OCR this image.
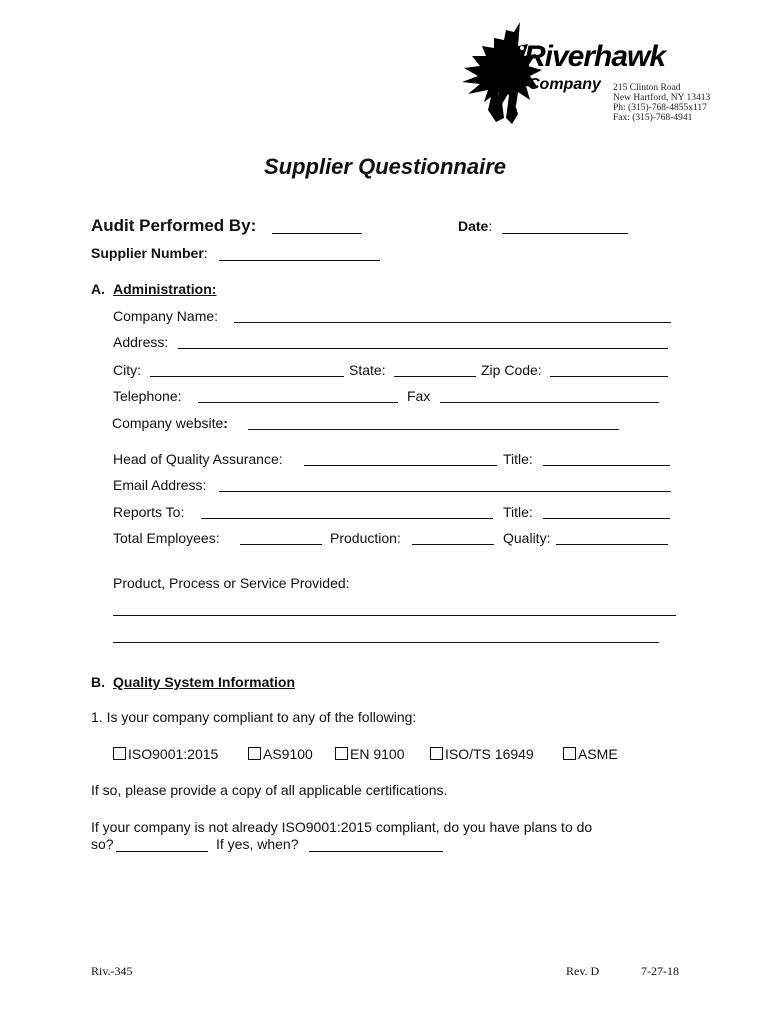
Riverhawk
Company 215 Clinton Road
New Hartford, NY 13413
Ph: (315)-768-4855x117
Fax: (315)-768-4941
Supplier Questionnaire
Audit Performed By:	Date:
Supplier Number:
A. Administration:
Company Name:
Address:
City:	State:	Zip Code:
Telephone:	Fax
Company website:
Head of Quality Assurance:	Title:
Email Address:
Reports To:	Title:
Total Employees:	Production:	Quality:
Product, Process or Service Provided:
B. Quality System Information
1. Is your company compliant to any of the following:
ISO9001:2015	AS9100	EN 9100	ISO/TS 16949	ASME
If so, please provide a copy of all applicable certifications.
If your company is not already ISO9001:2015 compliant, do you have plans to do
so?	If yes, when?
Riv.-345	Rev. D	7-27-18
